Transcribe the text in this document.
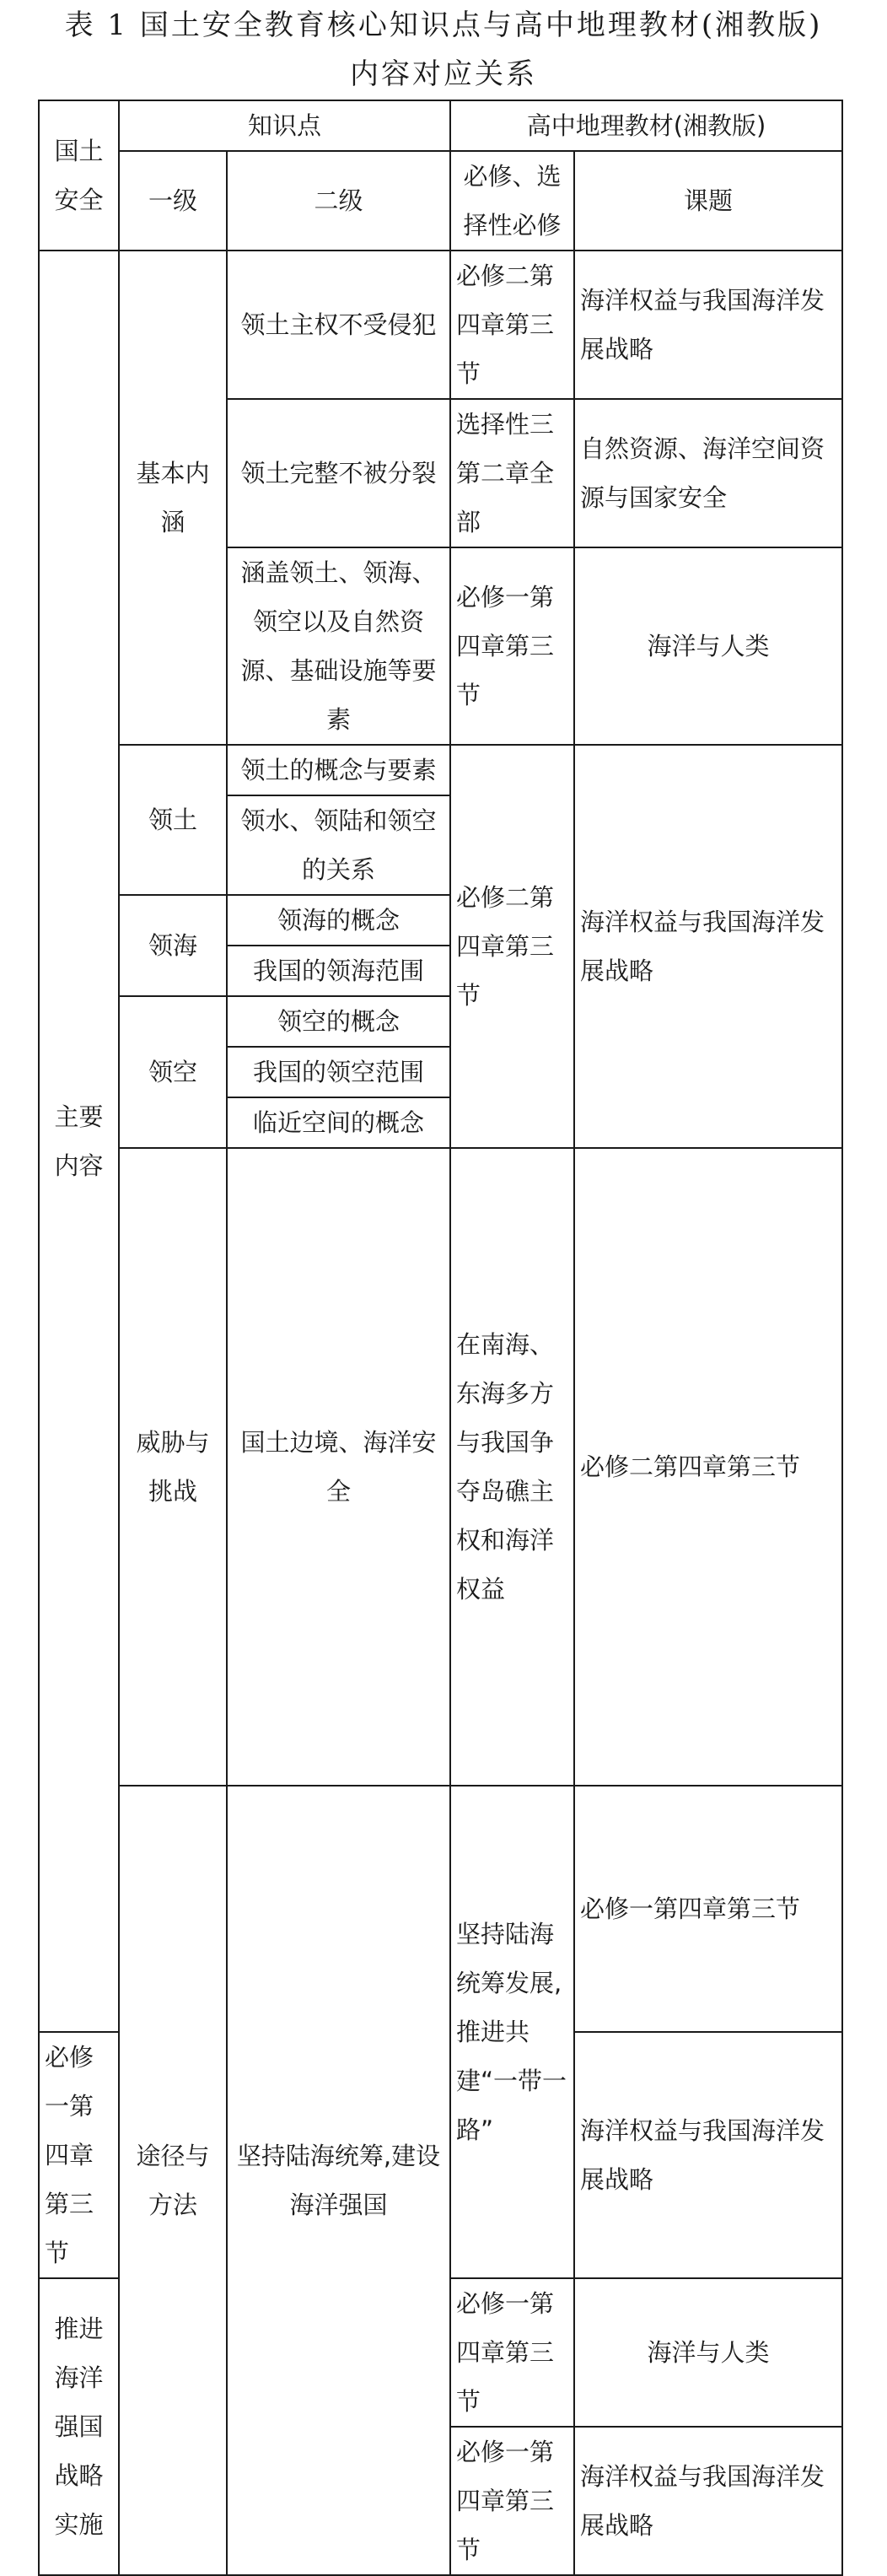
表 1 国土安全教育核心知识点与高中地理教材(湘教版)
内容对应关系
国土安全	知识点		高中地理教材(湘教版)		
	一级	二级	必修、选择性必修	课题	
主要内容	基本内涵	领土主权不受侵犯	必修二第四章第三节	海洋权益与我国海洋发展战略	
		领土完整不被分裂	选择性三第二章全部	自然资源、海洋空间资源与国家安全	
		涵盖领土、领海、领空以及自然资源、基础设施等要素	必修一第四章第三节	海洋与人类	
	领土	领土的概念与要素	必修二第四章第三节	海洋权益与我国海洋发展战略	
		领水、领陆和领空的关系			
	领海	领海的概念			
		我国的领海范围			
	领空	领空的概念			
		我国的领空范围			
		临近空间的概念			
	威胁与挑战	国土边境、海洋安全	在南海、东海多方与我国争夺岛礁主权和海洋权益	必修二第四章第三节	
	途径与方法	坚持陆海统筹,建设海洋强国	坚持陆海统筹发展,推进共建“一带一路”	必修一第四章第三节	
必修一第四章第三节				海洋权益与我国海洋发展战略	
推进海洋强国战略实施			必修一第四章第三节	海洋与人类	
			必修一第四章第三节	海洋权益与我国海洋发展战略	
